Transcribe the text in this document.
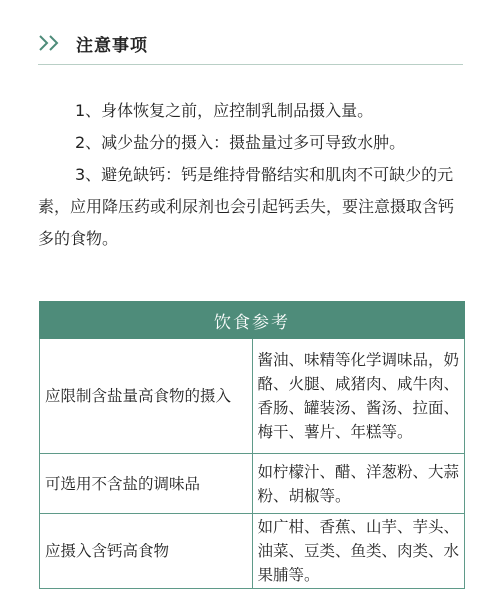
注意事项

1、身体恢复之前，应控制乳制品摄入量。

2、减少盐分的摄入：摄盐量过多可导致水肿。

3、避免缺钙：钙是维持骨骼结实和肌肉不可缺少的元素，应用降压药或利尿剂也会引起钙丢失，要注意摄取含钙多的食物。

饮食参考	
应限制含盐量高食物的摄入	酱油、味精等化学调味品，奶酪、火腿、咸猪肉、咸牛肉、香肠、罐装汤、酱汤、拉面、梅干、薯片、年糕等。
可选用不含盐的调味品	如柠檬汁、醋、洋葱粉、大蒜粉、胡椒等。
应摄入含钙高食物	如广柑、香蕉、山芋、芋头、油菜、豆类、鱼类、肉类、水果脯等。
